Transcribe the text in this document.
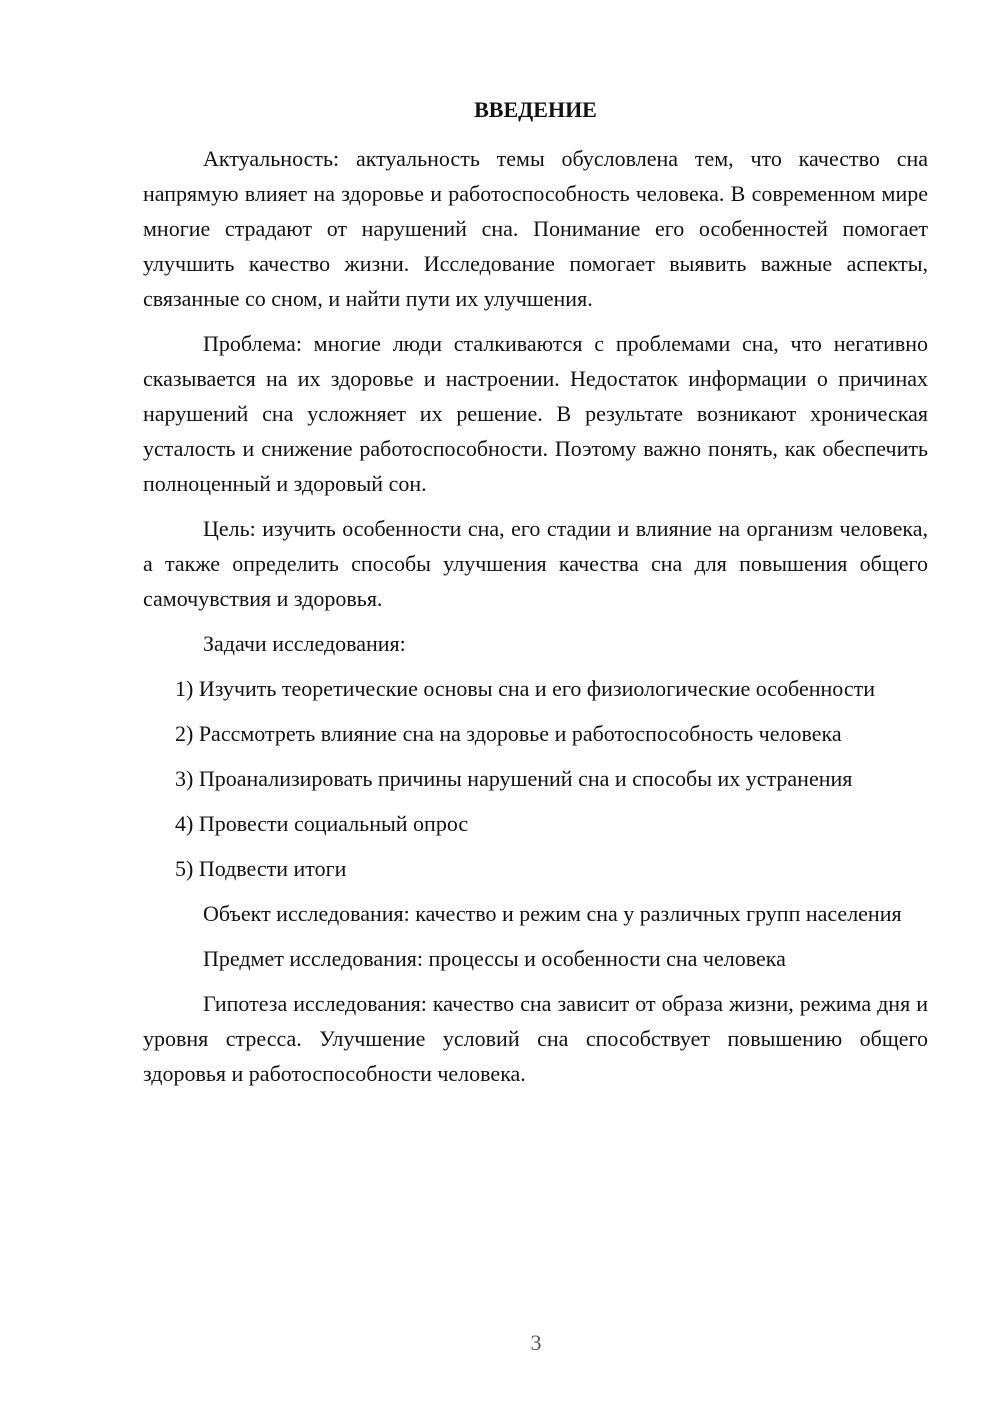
ВВЕДЕНИЕ

Актуальность: актуальность темы обусловлена тем, что качество сна напрямую влияет на здоровье и работоспособность человека. В современном мире многие страдают от нарушений сна. Понимание его особенностей помогает улучшить качество жизни. Исследование помогает выявить важные аспекты, связанные со сном, и найти пути их улучшения.

Проблема: многие люди сталкиваются с проблемами сна, что негативно сказывается на их здоровье и настроении. Недостаток информации о причинах нарушений сна усложняет их решение. В результате возникают хроническая усталость и снижение работоспособности. Поэтому важно понять, как обеспечить полноценный и здоровый сон.

Цель: изучить особенности сна, его стадии и влияние на организм человека, а также определить способы улучшения качества сна для повышения общего самочувствия и здоровья.

Задачи исследования:

1) Изучить теоретические основы сна и его физиологические особенности

2) Рассмотреть влияние сна на здоровье и работоспособность человека

3) Проанализировать причины нарушений сна и способы их устранения

4) Провести социальный опрос

5) Подвести итоги

Объект исследования: качество и режим сна у различных групп населения

Предмет исследования: процессы и особенности сна человека

Гипотеза исследования: качество сна зависит от образа жизни, режима дня и уровня стресса. Улучшение условий сна способствует повышению общего здоровья и работоспособности человека.

3
